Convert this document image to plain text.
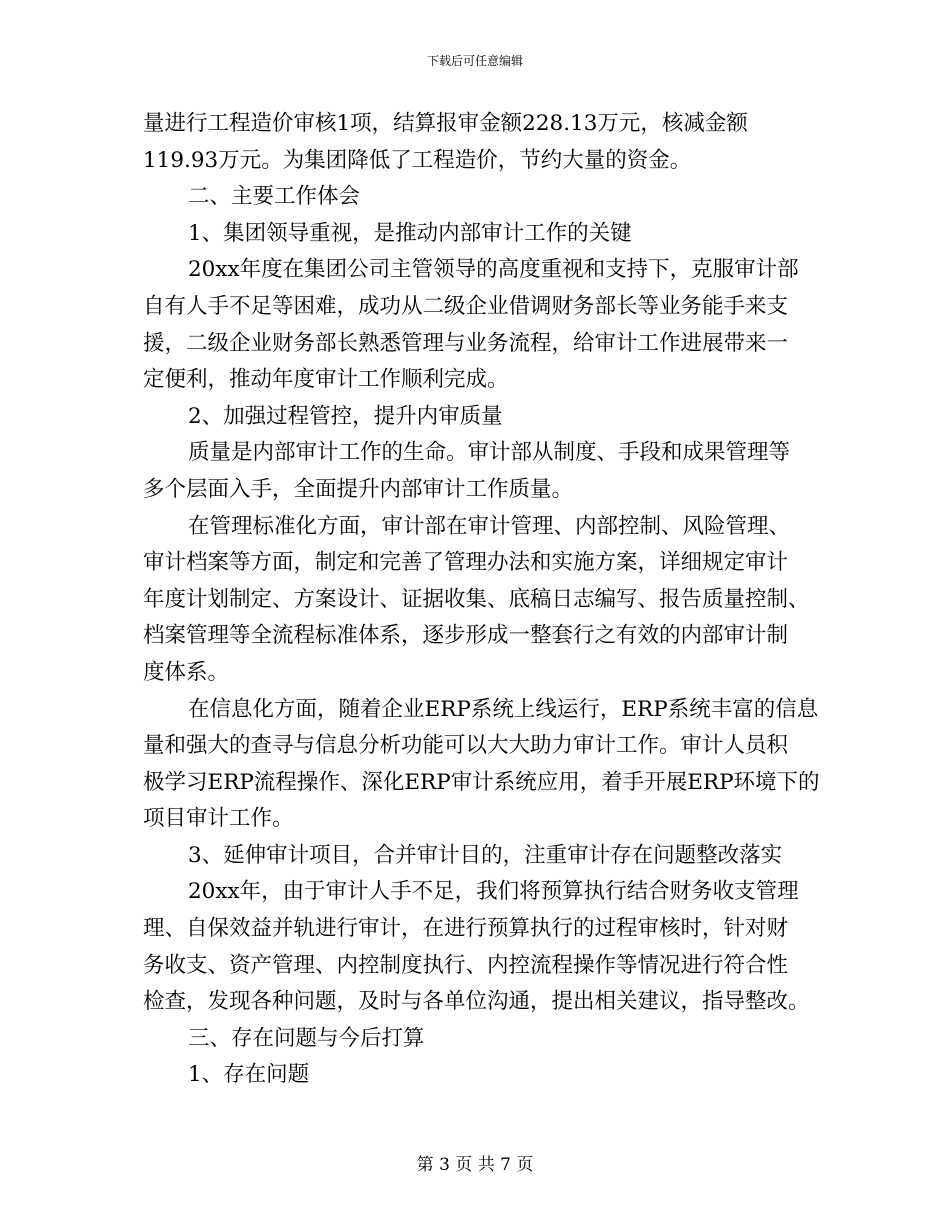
下载后可任意编辑

量进行工程造价审核1项，结算报审金额228.13万元，核减金额

119.93万元。为集团降低了工程造价，节约大量的资金。

二、主要工作体会

1、集团领导重视，是推动内部审计工作的关键

20xx年度在集团公司主管领导的高度重视和支持下，克服审计部

自有人手不足等困难，成功从二级企业借调财务部长等业务能手来支

援，二级企业财务部长熟悉管理与业务流程，给审计工作进展带来一

定便利，推动年度审计工作顺利完成。

2、加强过程管控，提升内审质量

质量是内部审计工作的生命。审计部从制度、手段和成果管理等

多个层面入手，全面提升内部审计工作质量。

在管理标准化方面，审计部在审计管理、内部控制、风险管理、

审计档案等方面，制定和完善了管理办法和实施方案，详细规定审计

年度计划制定、方案设计、证据收集、底稿日志编写、报告质量控制、

档案管理等全流程标准体系，逐步形成一整套行之有效的内部审计制

度体系。

在信息化方面，随着企业ERP系统上线运行，ERP系统丰富的信息

量和强大的查寻与信息分析功能可以大大助力审计工作。审计人员积

极学习ERP流程操作、深化ERP审计系统应用，着手开展ERP环境下的

项目审计工作。

3、延伸审计项目，合并审计目的，注重审计存在问题整改落实

20xx年，由于审计人手不足，我们将预算执行结合财务收支管理

理、自保效益并轨进行审计，在进行预算执行的过程审核时，针对财

务收支、资产管理、内控制度执行、内控流程操作等情况进行符合性

检查，发现各种问题，及时与各单位沟通，提出相关建议，指导整改。

三、存在问题与今后打算

1、存在问题

第 3 页 共 7 页
